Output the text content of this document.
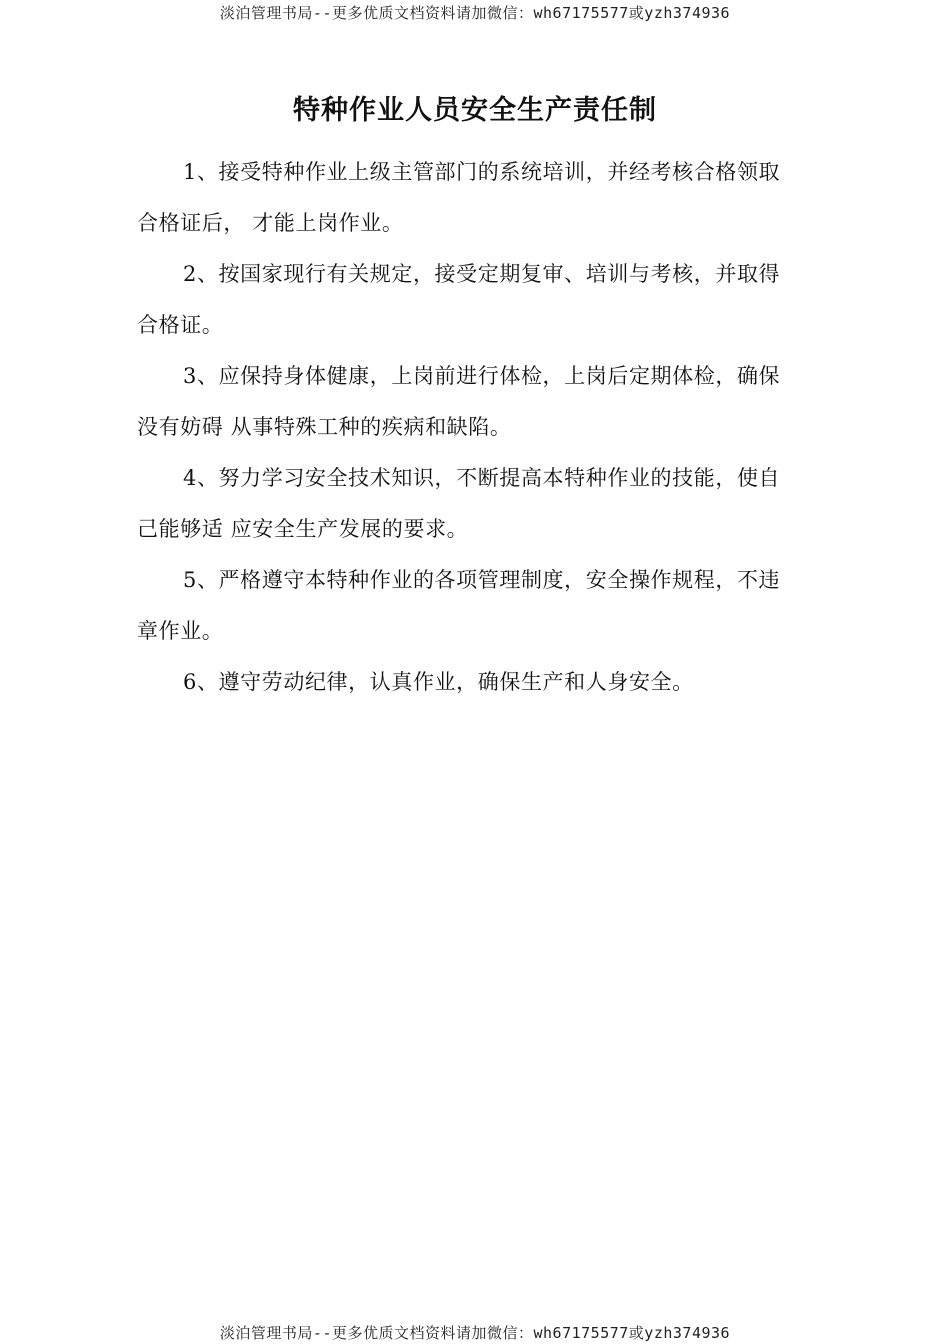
淡泊管理书局--更多优质文档资料请加微信：wh67175577或yzh374936
特种作业人员安全生产责任制

1、接受特种作业上级主管部门的系统培训，并经考核合格领取合格证后， 才能上岗作业。

2、按国家现行有关规定，接受定期复审、培训与考核，并取得合格证。

3、应保持身体健康，上岗前进行体检，上岗后定期体检，确保没有妨碍 从事特殊工种的疾病和缺陷。

4、努力学习安全技术知识，不断提高本特种作业的技能，使自己能够适 应安全生产发展的要求。

5、严格遵守本特种作业的各项管理制度，安全操作规程，不违章作业。

6、遵守劳动纪律，认真作业，确保生产和人身安全。

淡泊管理书局--更多优质文档资料请加微信：wh67175577或yzh374936
